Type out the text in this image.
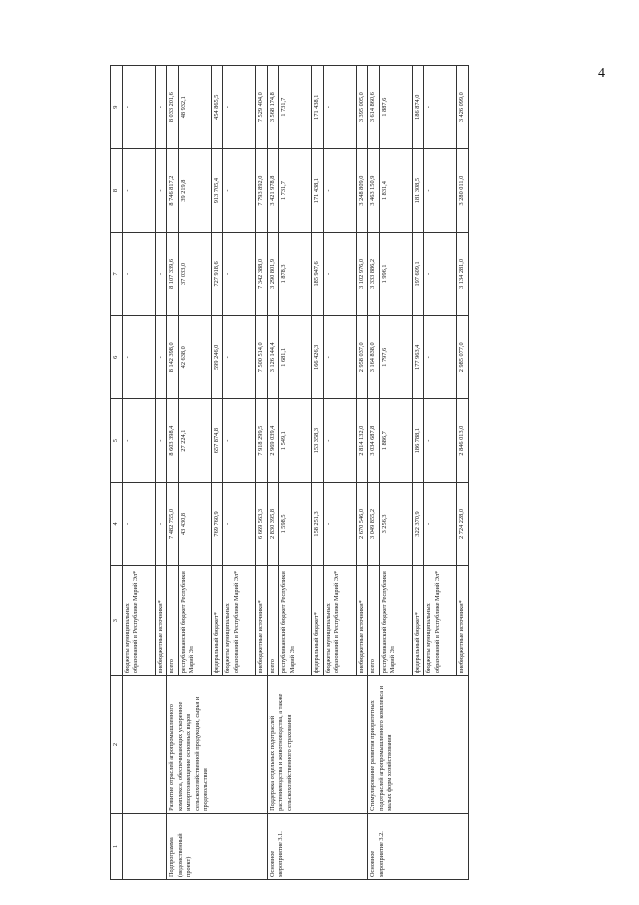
4
1	2	3	4	5	6	7	8	9
		бюджеты муниципальных образований в Республике Марий Эл*	-	-	-	-	-	-
		внебюджетные источники*	-	-	-	-	-	-
Подпрограмма (ведомственный проект)	Развитие отраслей агропромышленного комплекса, обеспечивающих ускоренное импортозамещение основных видов сельскохозяйственной продукции, сырья и продовольствия	всего	7 482 755,0	8 603 398,4	8 142 398,0	8 107 339,6	8 746 817,2	8 033 201,6
		республиканский бюджет Республики Марий Эл	43 430,8	27 224,1	42 638,0	37 033,0	39 219,8	48 932,1
		федеральный бюджет*	769 760,9	657 874,8	599 246,0	727 918,6	913 705,4	454 865,5
		бюджеты муниципальных образований в Республике Марий Эл*	-	-	-	-	-	-
		внебюджетные источники*	6 669 563,3	7 918 299,5	7 500 514,0	7 342 388,0	7 793 892,0	7 529 404,0
Основное мероприятие 3.1.	Поддержка отдельных подотраслей растениеводства и животноводства, а также сельскохозяйственного страхования	всего	2 830 395,8	2 969 039,4	3 126 144,4	3 290 801,9	3 421 978,8	3 568 174,8
		республиканский бюджет Республики Марий Эл	1 598,5	1 549,1	1 681,1	1 878,3	1 731,7	1 731,7
		федеральный бюджет*	158 251,3	153 358,3	166 426,3	185 947,6	171 438,1	171 438,1
		бюджеты муниципальных образований в Республике Марий Эл*	-	-	-	-	-	-
		внебюджетные источники*	2 670 546,0	2 814 132,0	2 958 037,0	3 102 976,0	3 248 809,0	3 395 005,0
Основное мероприятие 3.2.	Стимулирование развития приоритетных подотраслей агропромышленного комплекса и малых форм хозяйствования	всего	3 049 855,2	3 034 687,8	3 164 838,0	3 333 886,2	3 463 150,9	3 614 860,6
		республиканский бюджет Республики Марий Эл	3 256,3	1 886,7	1 797,6	1 996,1	1 831,4	1 887,6
		федеральный бюджет*	322 370,9	186 788,1	177 963,4	197 609,1	181 308,5	186 874,0
		бюджеты муниципальных образований в Республике Марий Эл*	-	-	-	-	-	-
		внебюджетные источники*	2 724 228,0	2 846 013,0	2 985 077,0	3 134 281,0	3 280 011,0	3 426 099,0
